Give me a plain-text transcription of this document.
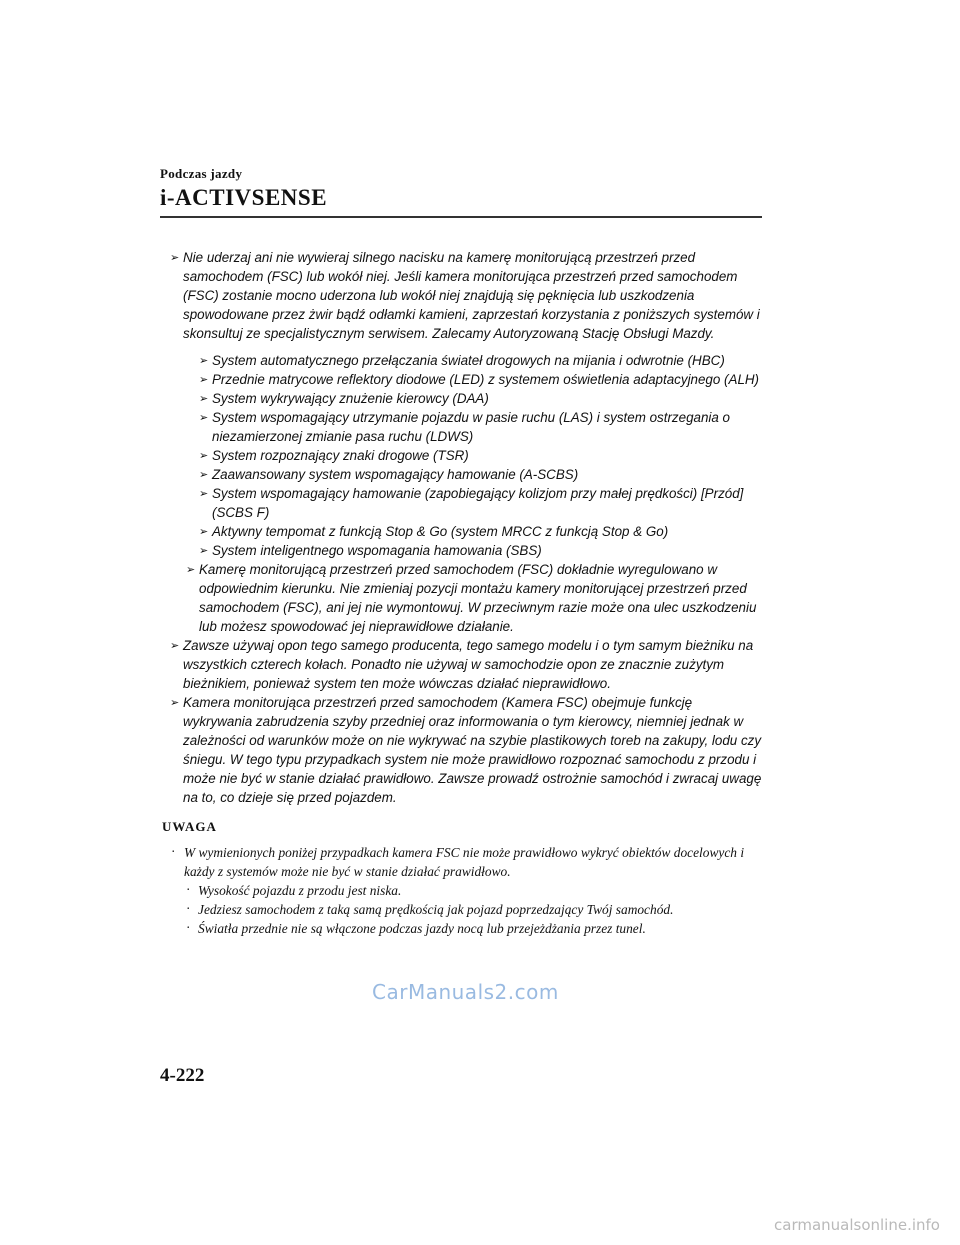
Podczas jazdy

i-ACTIVSENSE

➢ Nie uderzaj ani nie wywieraj silnego nacisku na kamerę monitorującą przestrzeń przed samochodem (FSC) lub wokół niej. Jeśli kamera monitorująca przestrzeń przed samochodem (FSC) zostanie mocno uderzona lub wokół niej znajdują się pęknięcia lub uszkodzenia spowodowane przez żwir bądź odłamki kamieni, zaprzestań korzystania z poniższych systemów i skonsultuj ze specjalistycznym serwisem. Zalecamy Autoryzowaną Stację Obsługi Mazdy.

➢ System automatycznego przełączania świateł drogowych na mijania i odwrotnie (HBC)

➢ Przednie matrycowe reflektory diodowe (LED) z systemem oświetlenia adaptacyjnego (ALH)

➢ System wykrywający znużenie kierowcy (DAA)

➢ System wspomagający utrzymanie pojazdu w pasie ruchu (LAS) i system ostrzegania o niezamierzonej zmianie pasa ruchu (LDWS)

➢ System rozpoznający znaki drogowe (TSR)

➢ Zaawansowany system wspomagający hamowanie (A-SCBS)

➢ System wspomagający hamowanie (zapobiegający kolizjom przy małej prędkości) [Przód] (SCBS F)

➢ Aktywny tempomat z funkcją Stop & Go (system MRCC z funkcją Stop & Go)

➢ System inteligentnego wspomagania hamowania (SBS)

➢ Kamerę monitorującą przestrzeń przed samochodem (FSC) dokładnie wyregulowano w odpowiednim kierunku. Nie zmieniaj pozycji montażu kamery monitorującej przestrzeń przed samochodem (FSC), ani jej nie wymontowuj. W przeciwnym razie może ona ulec uszkodzeniu lub możesz spowodować jej nieprawidłowe działanie.

➢ Zawsze używaj opon tego samego producenta, tego samego modelu i o tym samym bieżniku na wszystkich czterech kołach. Ponadto nie używaj w samochodzie opon ze znacznie zużytym bieżnikiem, ponieważ system ten może wówczas działać nieprawidłowo.

➢ Kamera monitorująca przestrzeń przed samochodem (Kamera FSC) obejmuje funkcję wykrywania zabrudzenia szyby przedniej oraz informowania o tym kierowcy, niemniej jednak w zależności od warunków może on nie wykrywać na szybie plastikowych toreb na zakupy, lodu czy śniegu. W tego typu przypadkach system nie może prawidłowo rozpoznać samochodu z przodu i może nie być w stanie działać prawidłowo. Zawsze prowadź ostrożnie samochód i zwracaj uwagę na to, co dzieje się przed pojazdem.

UWAGA

· W wymienionych poniżej przypadkach kamera FSC nie może prawidłowo wykryć obiektów docelowych i każdy z systemów może nie być w stanie działać prawidłowo.

· Wysokość pojazdu z przodu jest niska.

· Jedziesz samochodem z taką samą prędkością jak pojazd poprzedzający Twój samochód.

· Światła przednie nie są włączone podczas jazdy nocą lub przejeżdżania przez tunel.

CarManuals2.com
4-222
carmanualsonline.info
